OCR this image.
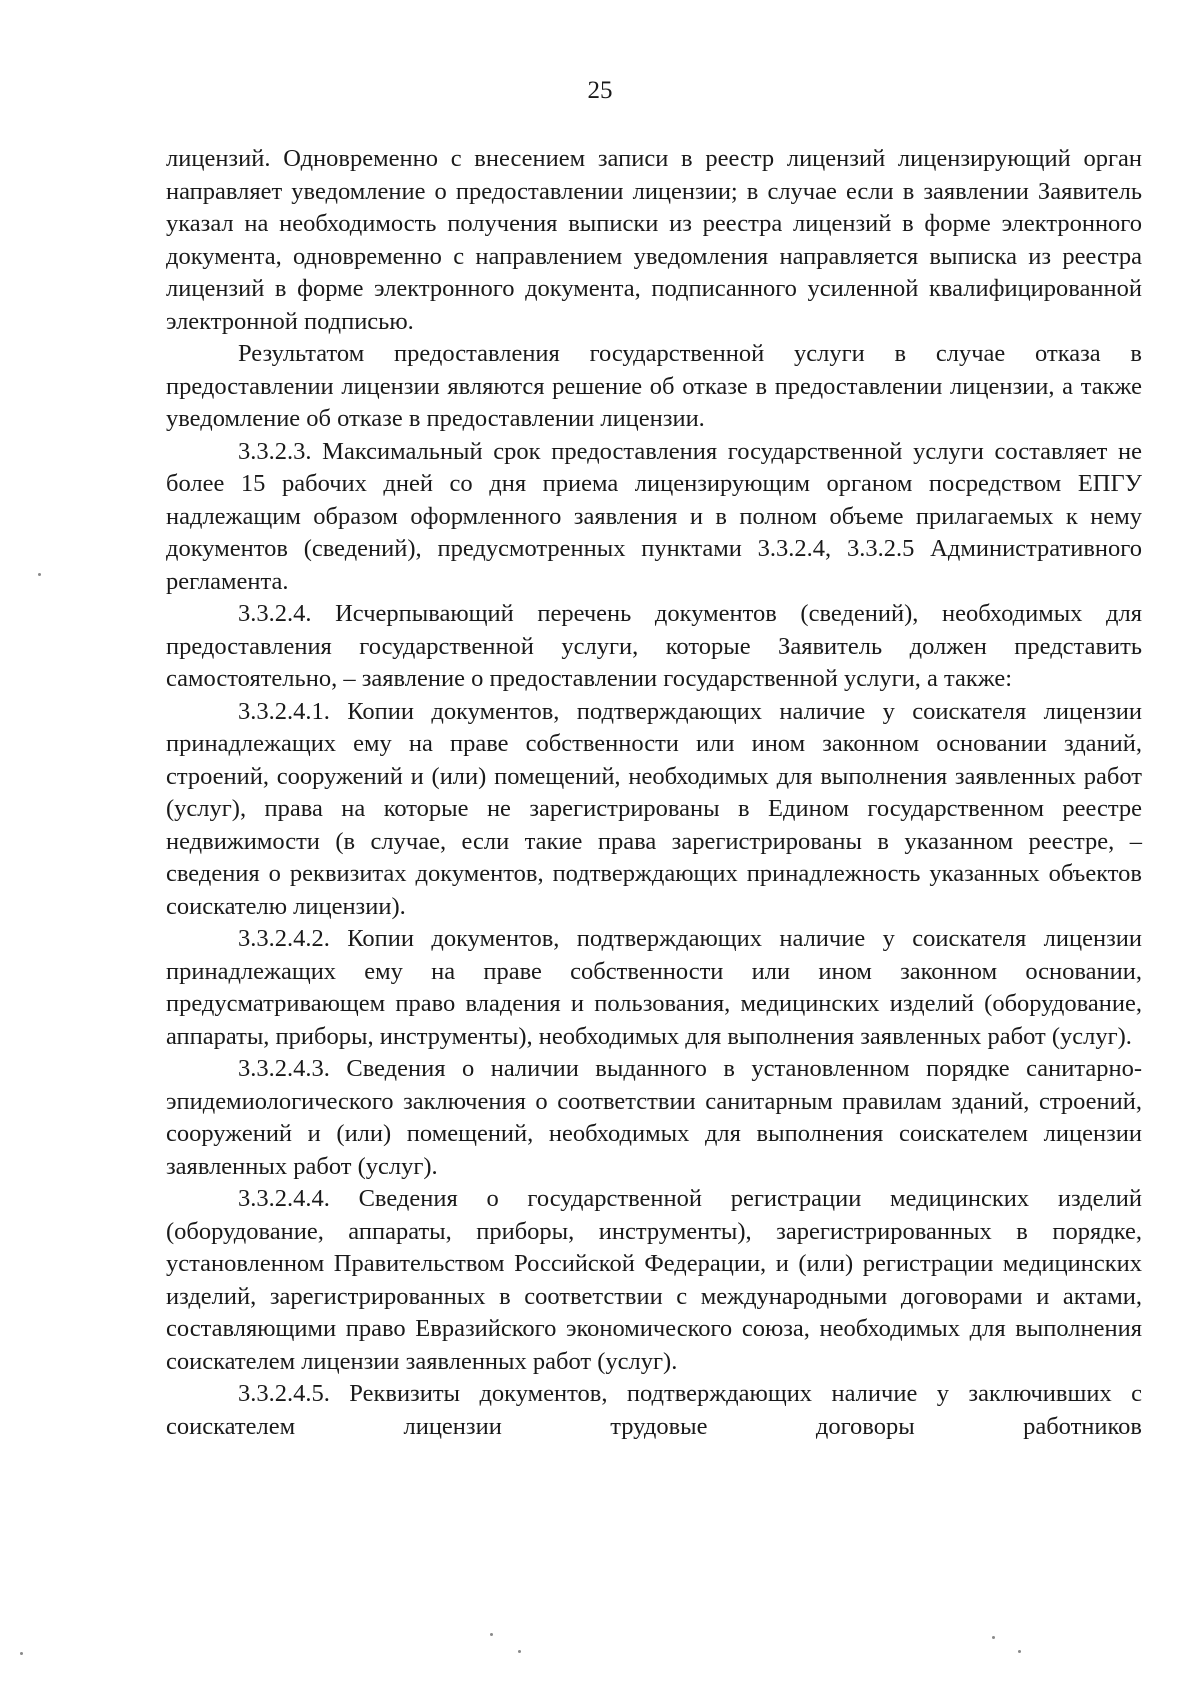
25

лицензий. Одновременно с внесением записи в реестр лицензий лицензирующий орган направляет уведомление о предоставлении лицензии; в случае если в заявлении Заявитель указал на необходимость получения выписки из реестра лицензий в форме электронного документа, одновременно с направлением уведомления направляется выписка из реестра лицензий в форме электронного документа, подписанного усиленной квалифицированной электронной подписью.

Результатом предоставления государственной услуги в случае отказа в предоставлении лицензии являются решение об отказе в предоставлении лицензии, а также уведомление об отказе в предоставлении лицензии.

3.3.2.3. Максимальный срок предоставления государственной услуги составляет не более 15 рабочих дней со дня приема лицензирующим органом посредством ЕПГУ надлежащим образом оформленного заявления и в полном объеме прилагаемых к нему документов (сведений), предусмотренных пунктами 3.3.2.4, 3.3.2.5 Административного регламента.

3.3.2.4. Исчерпывающий перечень документов (сведений), необходимых для предоставления государственной услуги, которые Заявитель должен представить самостоятельно, – заявление о предоставлении государственной услуги, а также:

3.3.2.4.1. Копии документов, подтверждающих наличие у соискателя лицензии принадлежащих ему на праве собственности или ином законном основании зданий, строений, сооружений и (или) помещений, необходимых для выполнения заявленных работ (услуг), права на которые не зарегистрированы в Едином государственном реестре недвижимости (в случае, если такие права зарегистрированы в указанном реестре, – сведения о реквизитах документов, подтверждающих принадлежность указанных объектов соискателю лицензии).

3.3.2.4.2. Копии документов, подтверждающих наличие у соискателя лицензии принадлежащих ему на праве собственности или ином законном основании, предусматривающем право владения и пользования, медицинских изделий (оборудование, аппараты, приборы, инструменты), необходимых для выполнения заявленных работ (услуг).

3.3.2.4.3. Сведения о наличии выданного в установленном порядке санитарно-эпидемиологического заключения о соответствии санитарным правилам зданий, строений, сооружений и (или) помещений, необходимых для выполнения соискателем лицензии заявленных работ (услуг).

3.3.2.4.4. Сведения о государственной регистрации медицинских изделий (оборудование, аппараты, приборы, инструменты), зарегистрированных в порядке, установленном Правительством Российской Федерации, и (или) регистрации медицинских изделий, зарегистрированных в соответствии с международными договорами и актами, составляющими право Евразийского экономического союза, необходимых для выполнения соискателем лицензии заявленных работ (услуг).

3.3.2.4.5. Реквизиты документов, подтверждающих наличие у заключивших с соискателем лицензии трудовые договоры работников
